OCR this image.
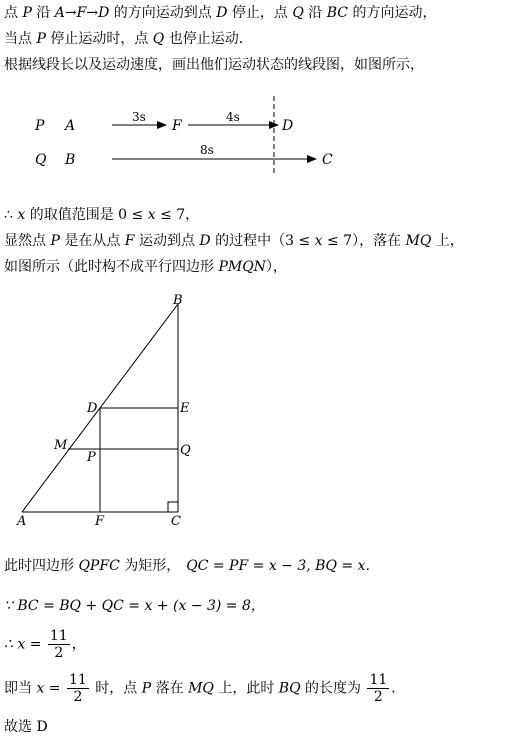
点 P 沿 A→F→D 的方向运动到点 D 停止，点 Q 沿 BC 的方向运动，
当点 P 停止运动时，点 Q 也停止运动．
根据线段长以及运动速度，画出他们运动状态的线段图，如图所示，
P A
3s
F
4s
D
Q B
8s
C
∴ x 的取值范围是 0 ≤ x ≤ 7，
显然点 P 是在从点 F 运动到点 D 的过程中（3 ≤ x ≤ 7），落在 MQ 上，
如图所示（此时构不成平行四边形 PMQN），
B
D	E
M
P	Q
A	F	C
此时四边形 QPFC 为矩形， QC = PF = x − 3, BQ = x.
∵ BC = BQ + QC = x + (x − 3) = 8，
∴ $x = \frac{11}{2}$ ，
即当 $x = \frac{11}{2}$ 时，点 P 落在 MQ 上，此时 BQ 的长度为 $\frac{11}{2}$ ．
故选 D
